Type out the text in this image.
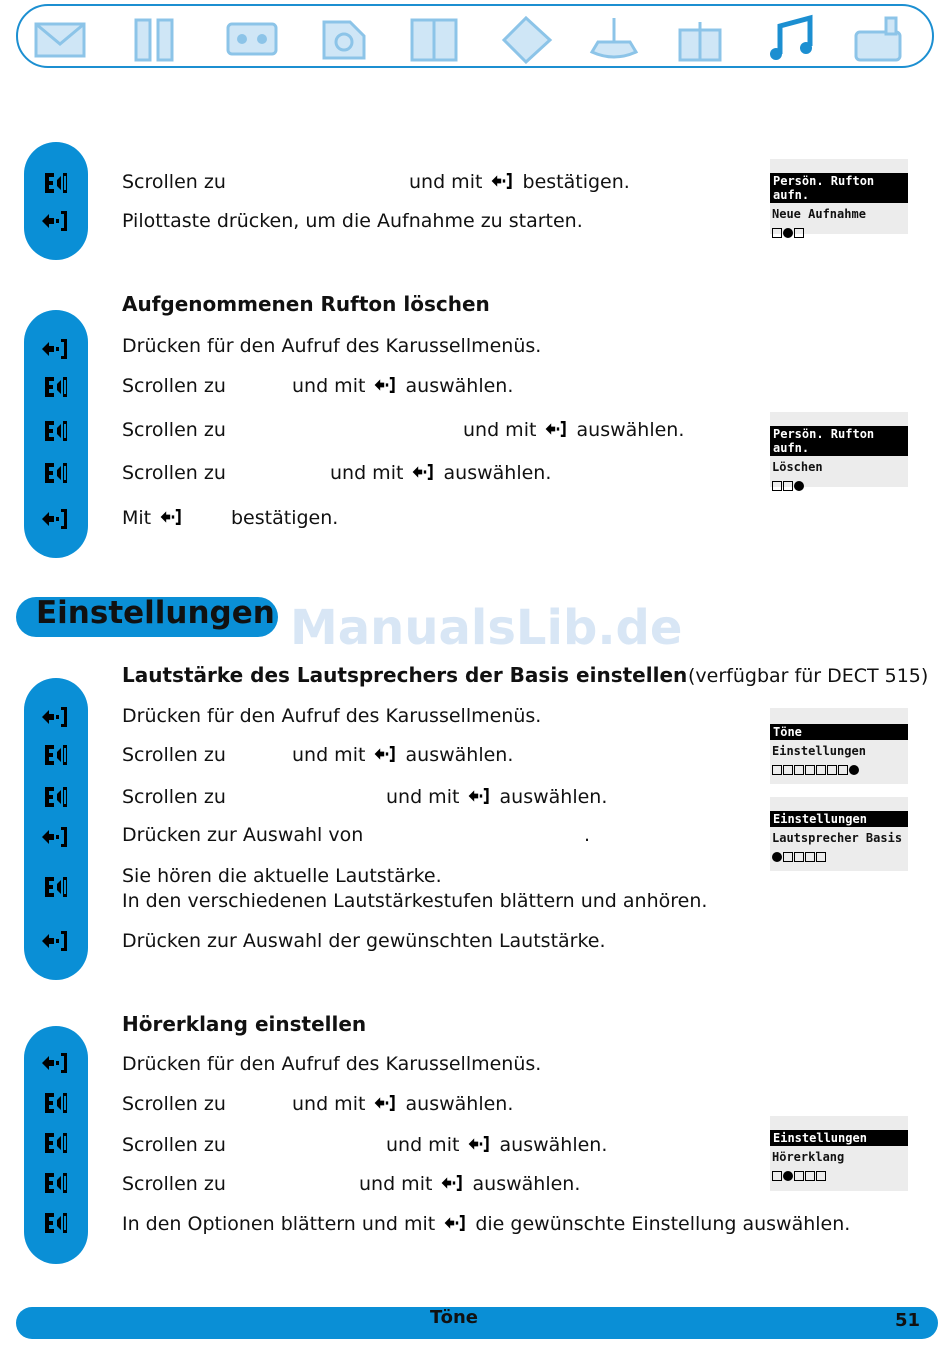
Scrollen zu	und mit bestätigen.
Pilottaste drücken, um die Aufnahme zu starten.
Persön. Rufton aufn.
Neue Aufnahme
Aufgenommenen Rufton löschen
Drücken für den Aufruf des Karussellmenüs.
Scrollen zu	und mit auswählen.
Scrollen zu	und mit auswählen.
Scrollen zu	und mit auswählen.
Mit	bestätigen.
Persön. Rufton aufn.
Löschen
Einstellungen ManualsLib.de
Lautstärke des Lautsprechers der Basis einstellen (verfügbar für DECT 515)
Drücken für den Aufruf des Karussellmenüs.
Scrollen zu	und mit auswählen.
Scrollen zu	und mit auswählen.
Drücken zur Auswahl von	.
Sie hören die aktuelle Lautstärke.
In den verschiedenen Lautstärkestufen blättern und anhören.
Drücken zur Auswahl der gewünschten Lautstärke.
Töne
Einstellungen
Einstellungen
Lautsprecher Basis
Hörerklang einstellen
Drücken für den Aufruf des Karussellmenüs.
Scrollen zu	und mit auswählen.
Scrollen zu	und mit auswählen.
Scrollen zu	und mit auswählen.
In den Optionen blättern und mit die gewünschte Einstellung auswählen.
Einstellungen
Hörerklang
Töne	51
